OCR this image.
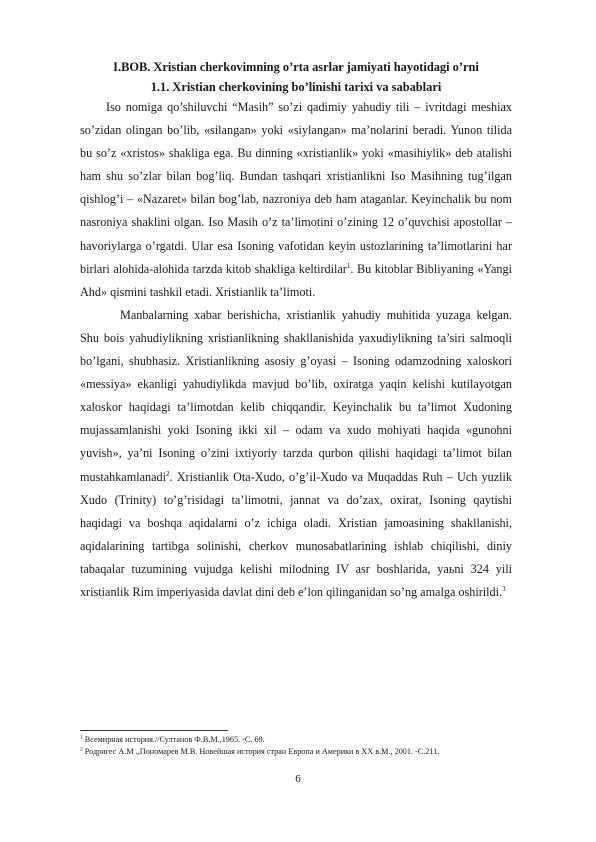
I.BOB. Xristian cherkovimning o’rta asrlar jamiyati hayotidagi o’rni
1.1. Xristian cherkovining bo’linishi tarixi va sabablari

Iso nomiga qo’shiluvchi “Masih” so’zi qadimiy yahudiy tili – ivritdagi meshiax so’zidan olingan bo’lib, «silangan» yoki «siylangan» ma’nolarini beradi. Yunon tilida bu so’z «xristos» shakliga ega. Bu dinning «xristianlik» yoki «masihiylik» deb atalishi ham shu so’zlar bilan bog’liq. Bundan tashqari xristianlikni Iso Masihning tug’ilgan qishlog’i – «Nazaret» bilan bog’lab, nazroniya deb ham ataganlar. Keyinchalik bu nom nasroniya shaklini olgan. Iso Masih o’z ta’limotini o’zining 12 o’quvchisi apostollar – havoriylarga o’rgatdi. Ular esa Isoning vafotidan keyin ustozlarining ta’limotlarini har birlari alohida-alohida tarzda kitob shakliga keltirdilar$^1$. Bu kitoblar Bibliyaning «Yangi Ahd» qismini tashkil etadi. Xristianlik ta’limoti.

Manbalarning xabar berishicha, xristianlik yahudiy muhitida yuzaga kelgan. Shu bois yahudiylikning xristianlikning shakllanishida yaxudiylikning ta’siri salmoqli bo’lgani, shubhasiz. Xristianlikning asosiy g’oyasi – Isoning odamzodning xaloskori «messiya» ekanligi yahudiylikda mavjud bo’lib, oxiratga yaqin kelishi kutilayotgan xaloskor haqidagi ta’limotdan kelib chiqqandir. Keyinchalik bu ta’limot Xudoning mujassamlanishi yoki Isoning ikki xil – odam va xudo mohiyati haqida «gunohni yuvish», ya’ni Isoning o’zini ixtiyoriy tarzda qurbon qilishi haqidagi ta’limot bilan mustahkamlanadi$^2$. Xristianlik Ota-Xudo, o’g’il-Xudo va Muqaddas Ruh – Uch yuzlik Xudo (Trinity) to’g’risidagi ta’limotni, jannat va do’zax, oxirat, Isoning qaytishi haqidagi va boshqa aqidalarni o’z ichiga oladi. Xristian jamoasining shakllanishi, aqidalarining tartibga solinishi, cherkov munosabatlarining ishlab chiqilishi, diniy tabaqalar tuzumining vujudga kelishi milodning IV asr boshlarida, yaьni 324 yili xristianlik Rim imperiyasida davlat dini deb e’lon qilinganidan so’ng amalga oshirildi.$^3$

$^1$ Всемирная история.//Султанов Ф.В.М.,1965. -С. 69.

$^2$ Родригес А.М .,Пономарев М.В. Новейшая история стран Европа и Америки в ХХ в.М., 2001. -С.211.

6
